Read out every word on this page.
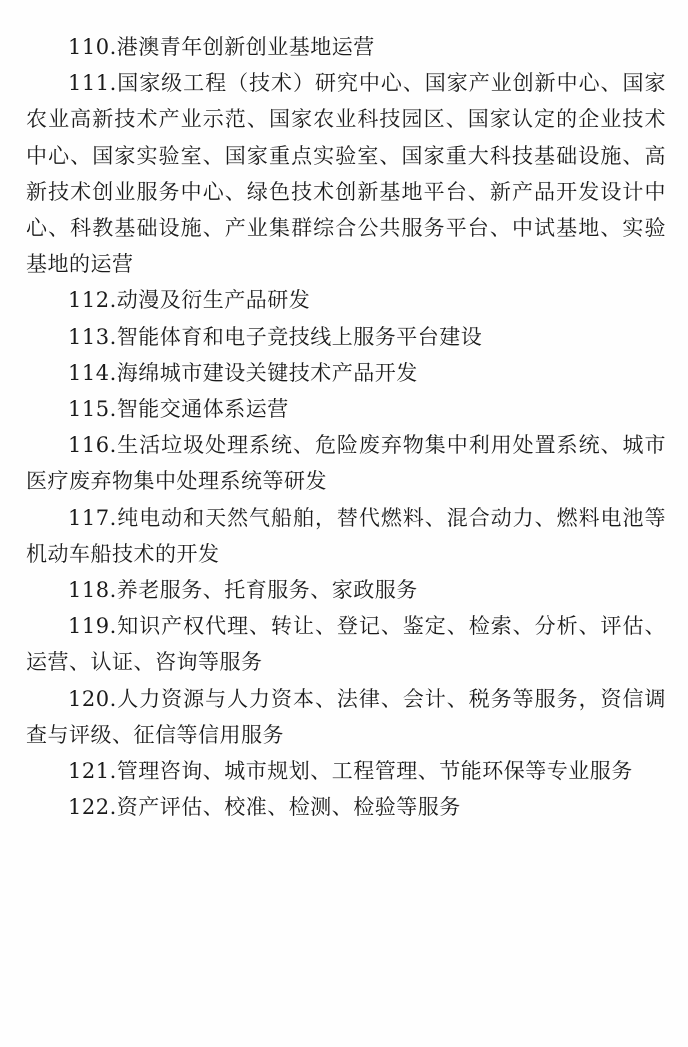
110.港澳青年创新创业基地运营

111.国家级工程（技术）研究中心、国家产业创新中心、国家农业高新技术产业示范、国家农业科技园区、国家认定的企业技术中心、国家实验室、国家重点实验室、国家重大科技基础设施、高新技术创业服务中心、绿色技术创新基地平台、新产品开发设计中心、科教基础设施、产业集群综合公共服务平台、中试基地、实验基地的运营

112.动漫及衍生产品研发

113.智能体育和电子竞技线上服务平台建设

114.海绵城市建设关键技术产品开发

115.智能交通体系运营

116.生活垃圾处理系统、危险废弃物集中利用处置系统、城市医疗废弃物集中处理系统等研发

117.纯电动和天然气船舶，替代燃料、混合动力、燃料电池等机动车船技术的开发

118.养老服务、托育服务、家政服务

119.知识产权代理、转让、登记、鉴定、检索、分析、评估、运营、认证、咨询等服务

120.人力资源与人力资本、法律、会计、税务等服务，资信调查与评级、征信等信用服务

121.管理咨询、城市规划、工程管理、节能环保等专业服务

122.资产评估、校准、检测、检验等服务
